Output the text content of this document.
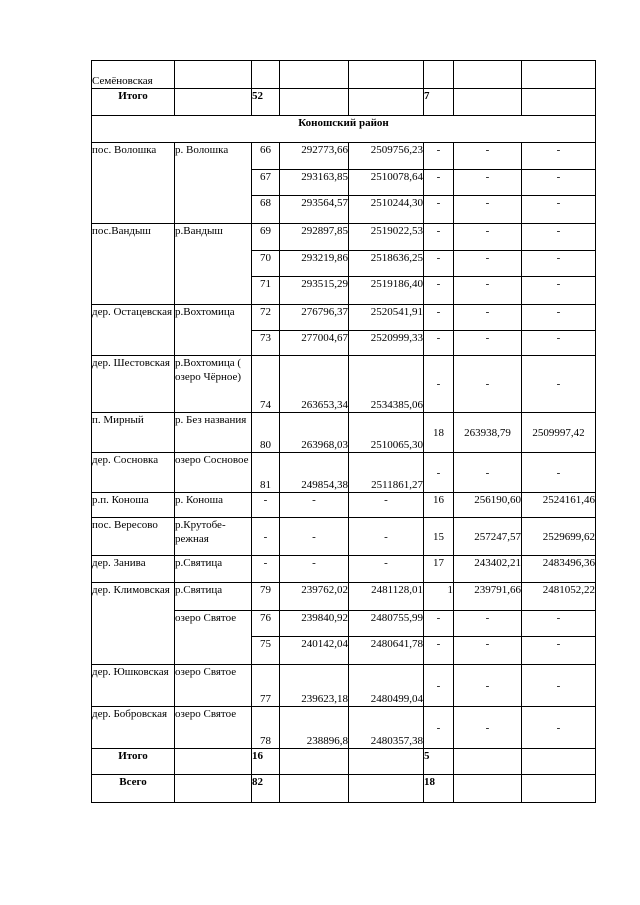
Семёновская							
Итого		52			7		
Коношский район							
пос. Волошка	р. Волошка	66	292773,66	2509756,23	-	-	-
		67	293163,85	2510078,64	-	-	-
		68	293564,57	2510244,30	-	-	-
пос.Вандыш	р.Вандыш	69	292897,85	2519022,53	-	-	-
		70	293219,86	2518636,25	-	-	-
		71	293515,29	2519186,40	-	-	-
дер. Остацевская	р.Вохтомица	72	276796,37	2520541,91	-	-	-
		73	277004,67	2520999,33	-	-	-
дер. Шестовская	р.Вохтомица ( озеро Чёрное)	74	263653,34	2534385,06	-	-	-
п. Мирный	р. Без названия	80	263968,03	2510065,30	18	263938,79	2509997,42
дер. Сосновка	озеро Сосновое	81	249854,38	2511861,27	-	-	-
р.п. Коноша	р. Коноша	-	-	-	16	256190,60	2524161,46
пос. Вересово	р.Крутобе-режная	-	-	-	15	257247,57	2529699,62
дер. Занива	р.Святица	-	-	-	17	243402,21	2483496,36
дер. Климовская	р.Святица	79	239762,02	2481128,01	1	239791,66	2481052,22
	озеро Святое	76	239840,92	2480755,99	-	-	-
		75	240142,04	2480641,78	-	-	-
дер. Юшковская	озеро Святое	77	239623,18	2480499,04	-	-	-
дер. Бобровская	озеро Святое	78	238896,8	2480357,38	-	-	-
Итого		16			5		
Всего		82			18		
